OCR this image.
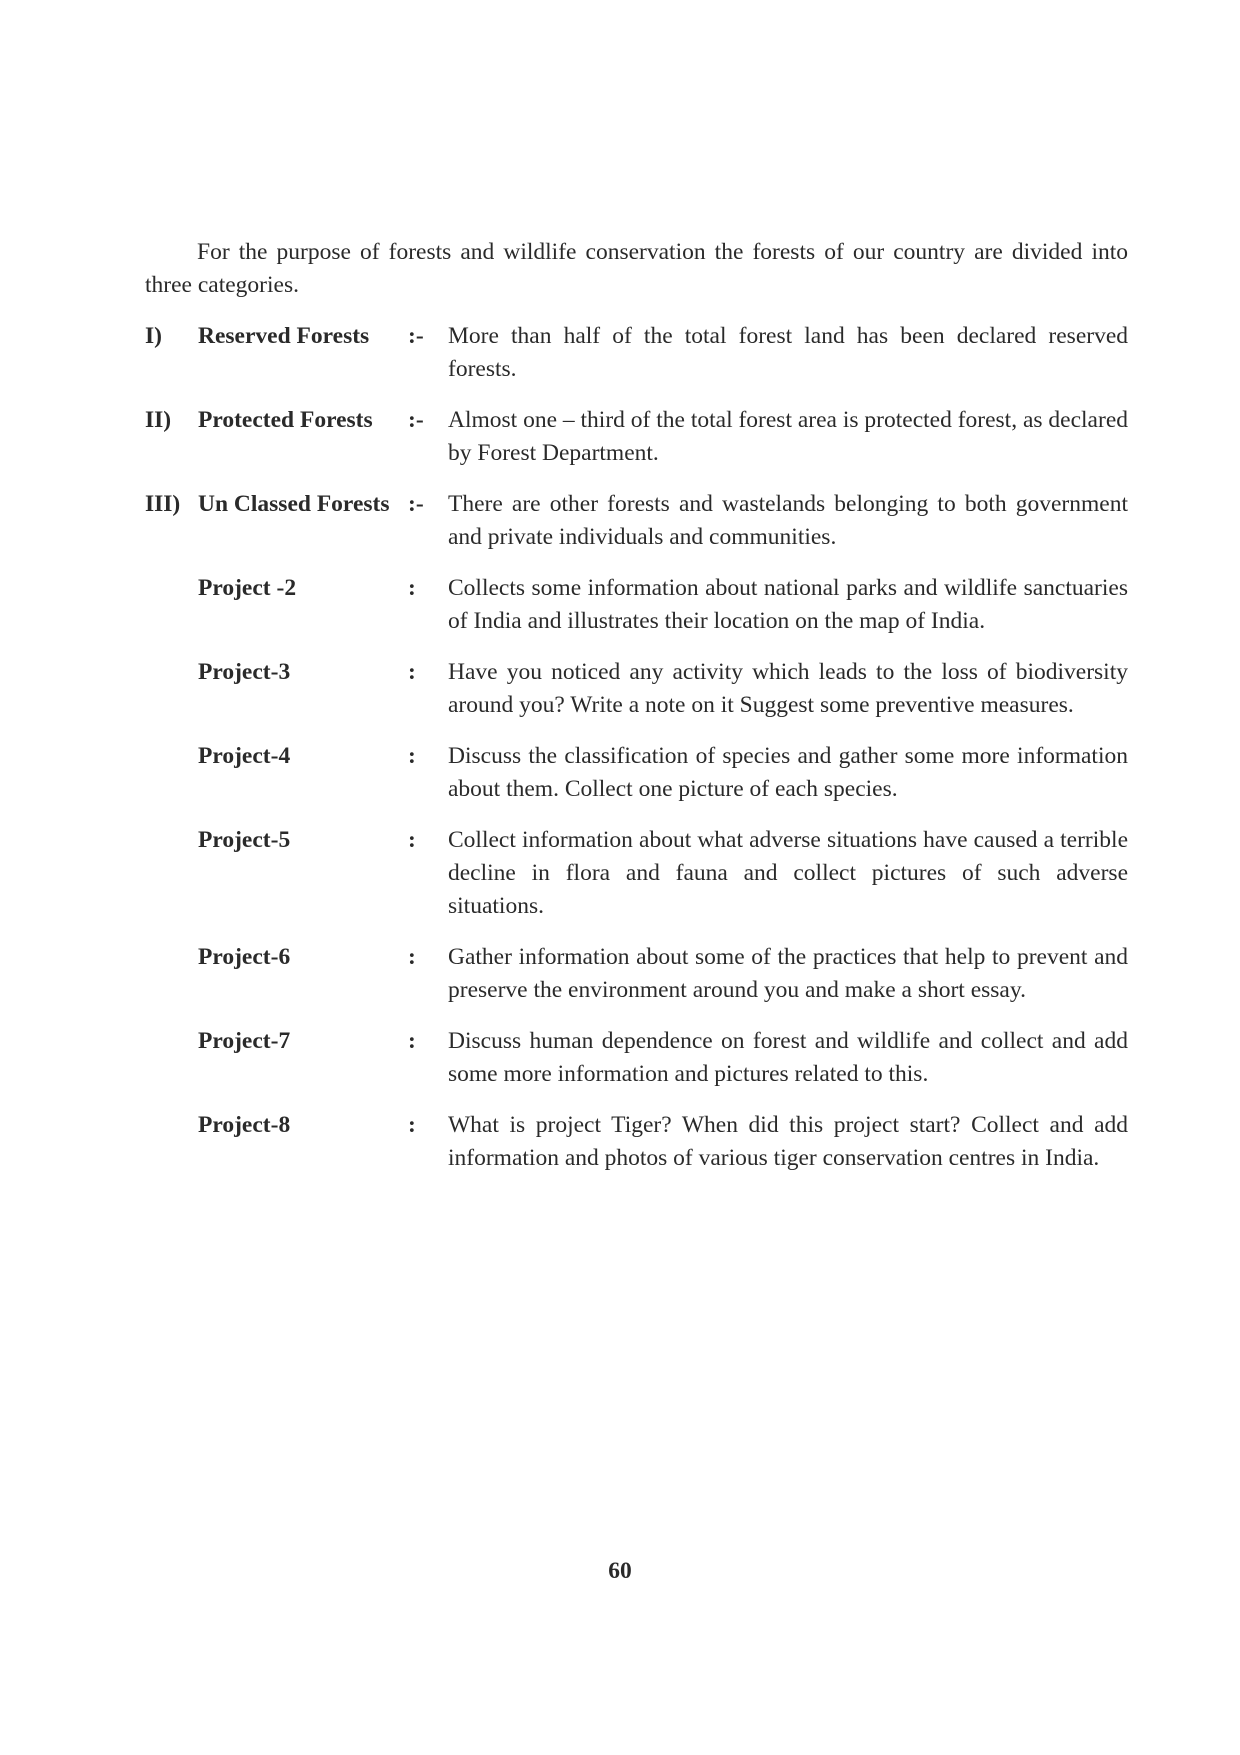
For the purpose of forests and wildlife conservation the forests of our country are divided into three categories.

I)	Reserved Forests	:-	More than half of the total forest land has been declared reserved forests.
II)	Protected Forests	:-	Almost one – third of the total forest area is protected forest, as declared by Forest Department.
III) Un Classed Forests :-	There are other forests and wastelands belonging to both government and private individuals and communities.
Project -2	:	Collects some information about national parks and wildlife sanctuaries of India and illustrates their location on the map of India.
Project-3	:	Have you noticed any activity which leads to the loss of biodiversity around you? Write a note on it Suggest some preventive measures.
Project-4	:	Discuss the classification of species and gather some more information about them. Collect one picture of each species.
Project-5	:	Collect information about what adverse situations have caused a terrible decline in flora and fauna and collect pictures of such adverse situations.
Project-6	:	Gather information about some of the practices that help to prevent and preserve the environment around you and make a short essay.
Project-7	:	Discuss human dependence on forest and wildlife and collect and add some more information and pictures related to this.
Project-8	:	What is project Tiger? When did this project start? Collect and add information and photos of various tiger conservation centres in India.
60
